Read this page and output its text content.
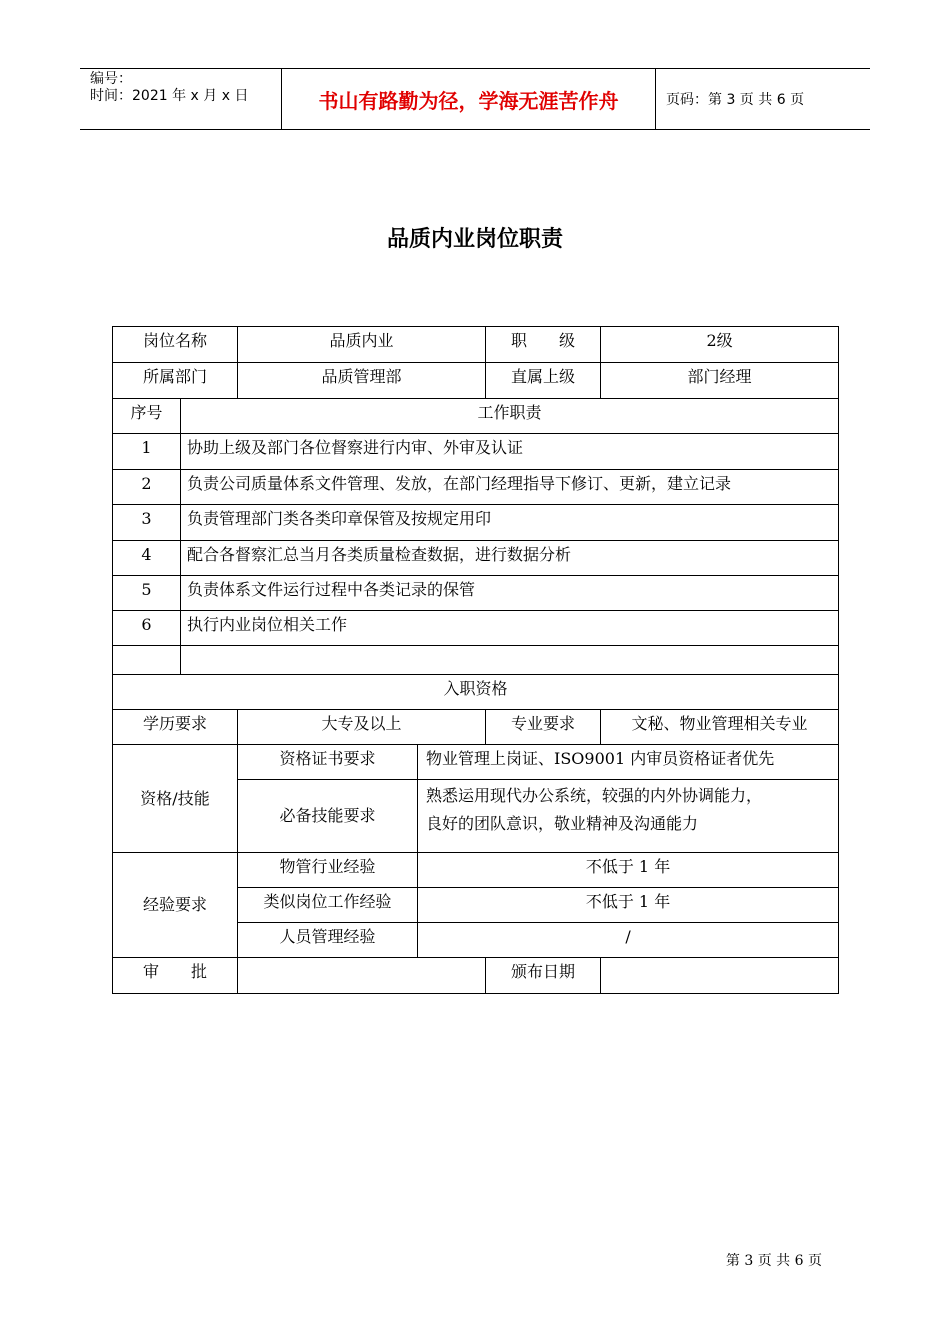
编号：
时间：2021 年 x 月 x 日	书山有路勤为径，学海无涯苦作舟	页码：第 3 页 共 6 页
品质内业岗位职责
岗位名称		品质内业		职　　级	2级
所属部门		品质管理部		直属上级	部门经理
序号	工作职责				
1	协助上级及部门各位督察进行内审、外审及认证				
2	负责公司质量体系文件管理、发放，在部门经理指导下修订、更新，建立记录				
3	负责管理部门类各类印章保管及按规定用印				
4	配合各督察汇总当月各类质量检查数据，进行数据分析				
5	负责体系文件运行过程中各类记录的保管				
6	执行内业岗位相关工作				

入职资格					
学历要求		大专及以上		专业要求	文秘、物业管理相关专业
资格/技能		资格证书要求	物业管理上岗证、ISO9001 内审员资格证者优先		
		必备技能要求	熟悉运用现代办公系统，较强的内外协调能力，
良好的团队意识，敬业精神及沟通能力		

经验要求		物管行业经验	不低于 1 年		
		类似岗位工作经验	不低于 1 年		
		人员管理经验	/		
审　　批				颁布日期	
第 3 页 共 6 页
